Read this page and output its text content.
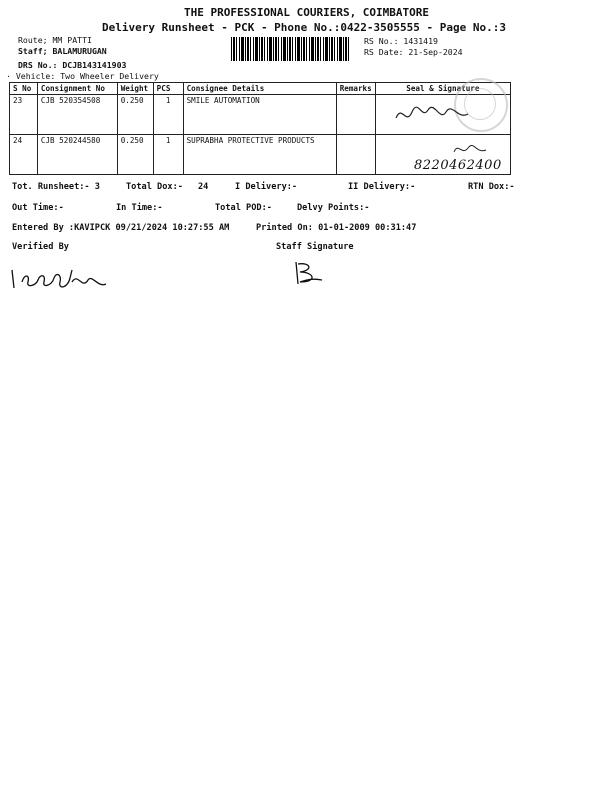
THE PROFESSIONAL COURIERS, COIMBATORE
Delivery Runsheet - PCK - Phone No.:0422-3505555 - Page No.:3
Route; MM PATTI
Staff; BALAMURUGAN
DRS No.: DCJB143141903
· Vehicle: Two Wheeler Delivery
RS No.: 1431419
RS Date: 21-Sep-2024
S No	Consignment No	Weight	PCS	Consignee Details	Remarks	Seal & Signature
23	CJB 520354508	0.250	1	SMILE AUTOMATION		
24	CJB 520244580	0.250	1	SUPRABHA PROTECTIVE PRODUCTS		
8220462400
Tot. Runsheet:- 3	Total Dox:- 24	I Delivery:-	II Delivery:-	RTN Dox:-
Out Time:-	In Time:-	Total POD:-	Delvy Points:-
Entered By :KAVIPCK 09/21/2024 10:27:55 AM	Printed On: 01-01-2009 00:31:47
Verified By	Staff Signature
